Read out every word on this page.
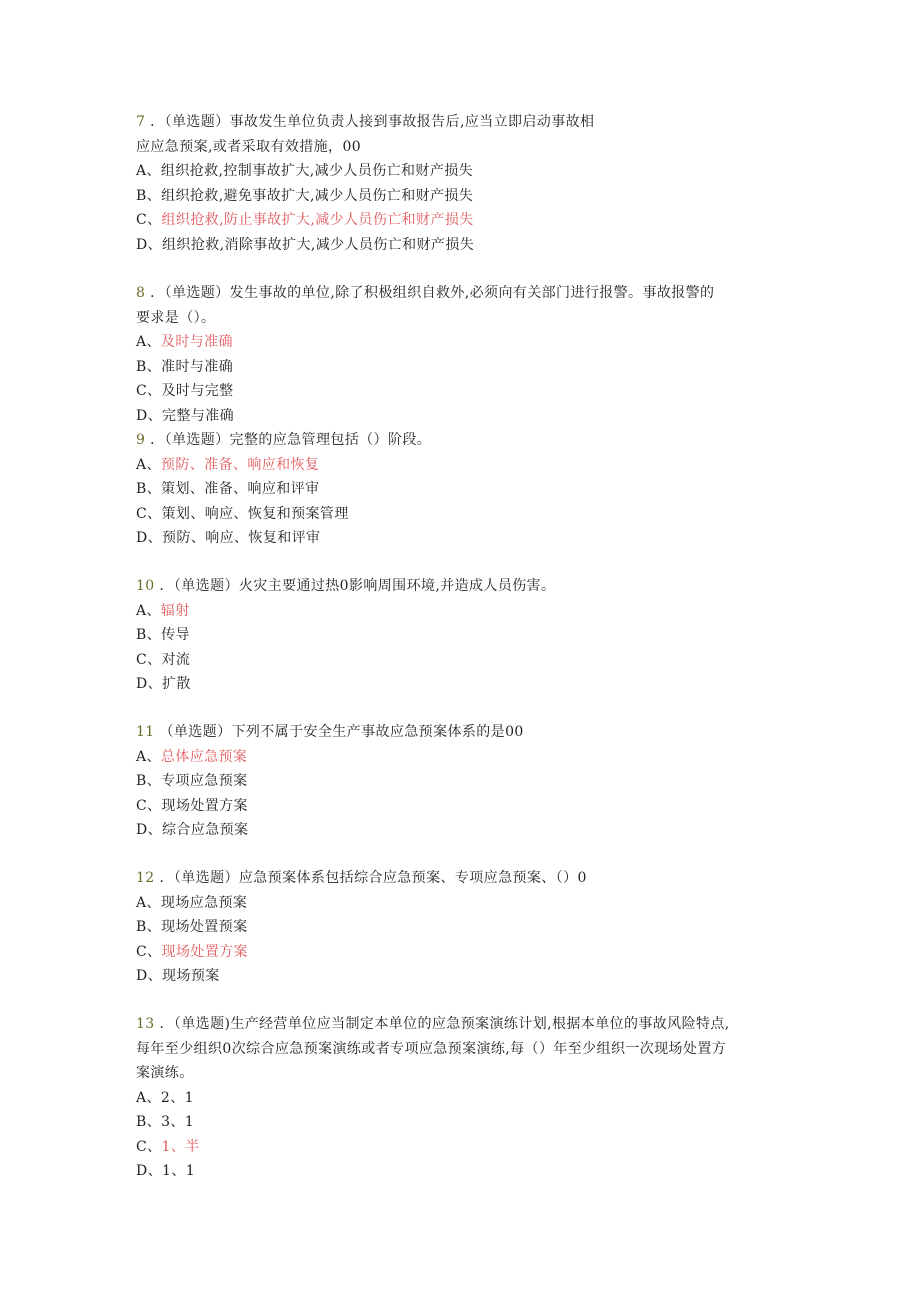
7 ．（单选题）事故发生单位负责人接到事故报告后,应当立即启动事故相
应应急预案,或者采取有效措施，00
A、组织抢救,控制事故扩大,减少人员伤亡和财产损失
B、组织抢救,避免事故扩大,减少人员伤亡和财产损失
C、组织抢救,防止事故扩大,减少人员伤亡和财产损失
D、组织抢救,消除事故扩大,减少人员伤亡和财产损失
8 ．（单选题）发生事故的单位,除了积极组织自救外,必须向有关部门进行报警。事故报警的
要求是（）。
A、及时与准确
B、准时与准确
C、及时与完整
D、完整与准确
9 ．（单选题）完整的应急管理包括（）阶段。
A、预防、准备、响应和恢复
B、策划、准备、响应和评审
C、策划、响应、恢复和预案管理
D、预防、响应、恢复和评审
10 ．（单选题）火灾主要通过热0影响周围环境,并造成人员伤害。
A、辐射
B、传导
C、对流
D、扩散
11 （单选题）下列不属于安全生产事故应急预案体系的是00
A、总体应急预案
B、专项应急预案
C、现场处置方案
D、综合应急预案
12 ．（单选题）应急预案体系包括综合应急预案、专项应急预案、（）0
A、现场应急预案
B、现场处置预案
C、现场处置方案
D、现场预案
13 ．（单选题)生产经营单位应当制定本单位的应急预案演练计划,根据本单位的事故风险特点,
每年至少组织0次综合应急预案演练或者专项应急预案演练,每（）年至少组织一次现场处置方
案演练。
A、2、1
B、3、1
C、1、半
D、1、1
